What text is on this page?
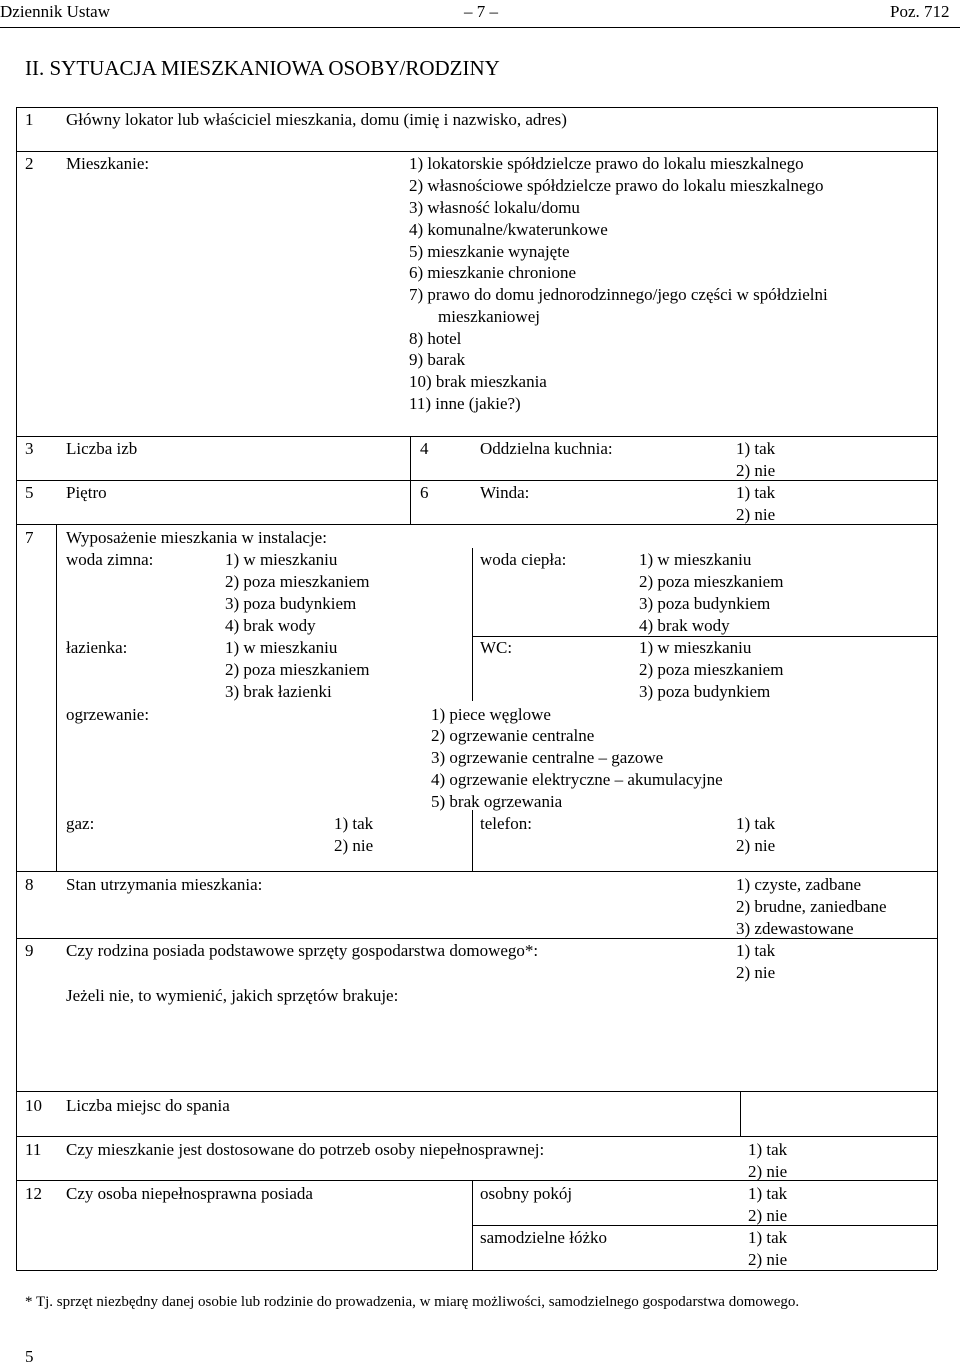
Dziennik Ustaw	– 7 –	Poz. 712
II. SYTUACJA MIESZKANIOWA OSOBY/RODZINY
1 Główny lokator lub właściciel mieszkania, domu (imię i nazwisko, adres)
2 Mieszkanie:	1) lokatorskie spółdzielcze prawo do lokalu mieszkalnego
2) własnościowe spółdzielcze prawo do lokalu mieszkalnego
3) własność lokalu/domu
4) komunalne/kwaterunkowe
5) mieszkanie wynajęte
6) mieszkanie chronione
7) prawo do domu jednorodzinnego/jego części w spółdzielni
mieszkaniowej
8) hotel
9) barak
10) brak mieszkania
11) inne (jakie?)
3 Liczba izb	4	Oddzielna kuchnia:	1) tak
2) nie
5 Piętro	6	Winda:	1) tak
2) nie
7 Wyposażenie mieszkania w instalacje:
woda zimna:	1) w mieszkaniu
2) poza mieszkaniem
3) poza budynkiem
4) brak wody
woda ciepła:	1) w mieszkaniu
2) poza mieszkaniem
3) poza budynkiem
4) brak wody
łazienka:	1) w mieszkaniu
2) poza mieszkaniem
3) brak łazienki
WC:	1) w mieszkaniu
2) poza mieszkaniem
3) poza budynkiem
ogrzewanie:	1) piece węglowe
2) ogrzewanie centralne
3) ogrzewanie centralne – gazowe
4) ogrzewanie elektryczne – akumulacyjne
5) brak ogrzewania
gaz:	1) tak
2) nie
telefon:	1) tak
2) nie
8 Stan utrzymania mieszkania:	1) czyste, zadbane
2) brudne, zaniedbane
3) zdewastowane
9 Czy rodzina posiada podstawowe sprzęty gospodarstwa domowego*:	1) tak
2) nie
Jeżeli nie, to wymienić, jakich sprzętów brakuje:
10 Liczba miejsc do spania
11 Czy mieszkanie jest dostosowane do potrzeb osoby niepełnosprawnej:	1) tak
2) nie
12 Czy osoba niepełnosprawna posiada	osobny pokój	1) tak
2) nie
samodzielne łóżko	1) tak
2) nie
* Tj. sprzęt niezbędny danej osobie lub rodzinie do prowadzenia, w miarę możliwości, samodzielnego gospodarstwa domowego.
5
